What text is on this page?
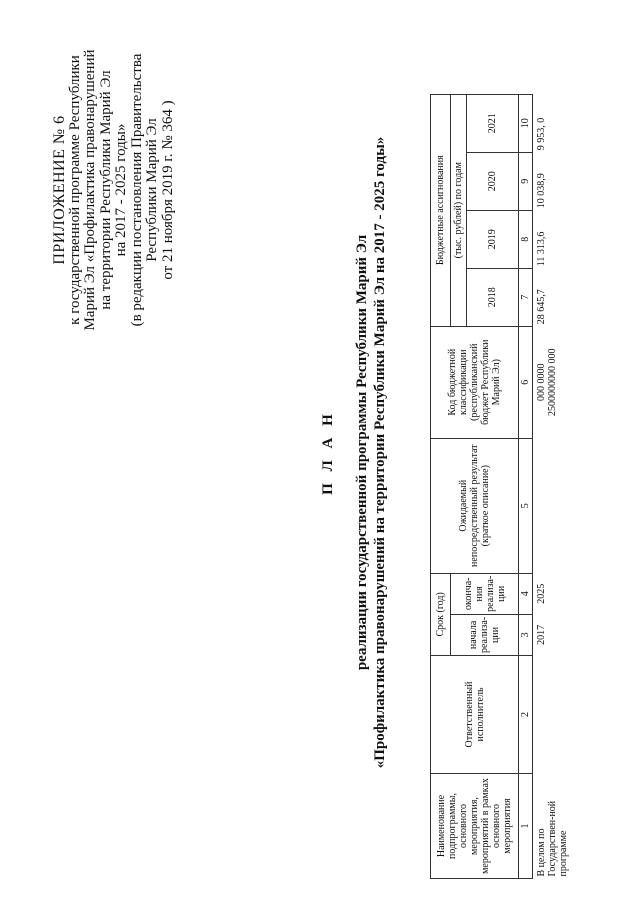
ПРИЛОЖЕНИЕ № 6
к государственной программе Республики Марий Эл «Профилактика правонарушений на территории Республики Марий Эл на 2017 - 2025 годы» (в редакции постановления Правительства Республики Марий Эл от 21 ноября 2019 г. № 364 )
П Л А Н реализации государственной программы Республики Марий Эл «Профилактика правонарушений на территории Республики Марий Эл на 2017 - 2025 годы»
Наименование подпрограммы, основного мероприятия, мероприятий в рамках основного мероприятия	Ответственный исполнитель	Срок (год)		Ожидаемый непосредственный результат (краткое описание)	Код бюджетной классификации (республиканский бюджет Республики Марий Эл)	Бюджетные ассигнования			
		начала реализа-ции	оконча-ния реализа-ции			(тыс. рублей) по годам			
						2018	2019	2020	2021
1	2	3	4	5	6	7	8	9	10
В целом по Государствен-ной программе		2017	2025		000 0000 2500000000 000	28 645,7	11 313,6	10 038,9	9 953, 0
